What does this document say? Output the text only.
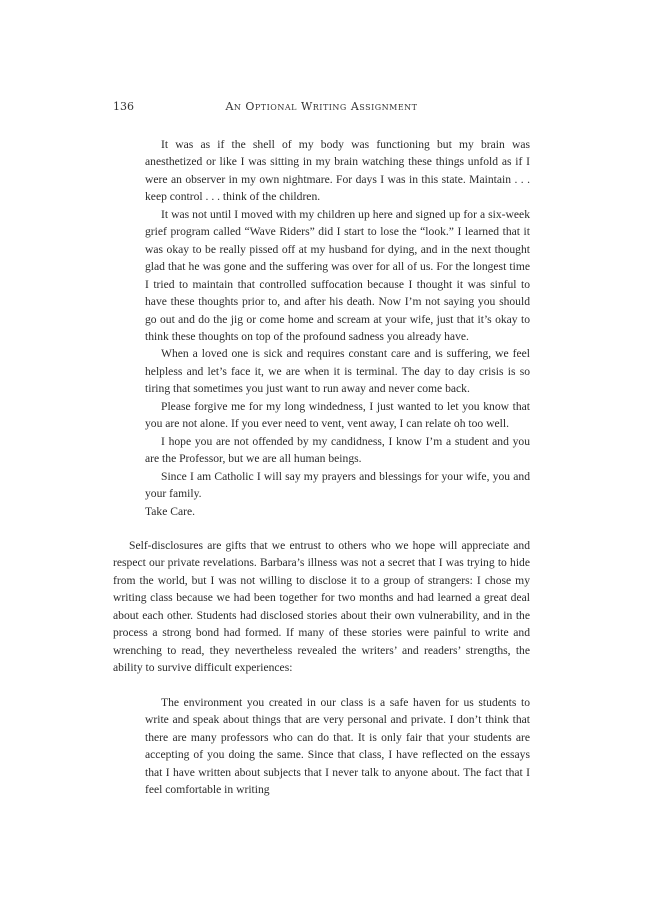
136	An Optional Writing Assignment

It was as if the shell of my body was functioning but my brain was anesthetized or like I was sitting in my brain watching these things unfold as if I were an observer in my own nightmare. For days I was in this state. Maintain . . . keep control . . . think of the children.

It was not until I moved with my children up here and signed up for a six-week grief program called “Wave Riders” did I start to lose the “look.” I learned that it was okay to be really pissed off at my husband for dying, and in the next thought glad that he was gone and the suffering was over for all of us. For the longest time I tried to maintain that controlled suffocation because I thought it was sinful to have these thoughts prior to, and after his death. Now I’m not saying you should go out and do the jig or come home and scream at your wife, just that it’s okay to think these thoughts on top of the profound sadness you already have.

When a loved one is sick and requires constant care and is suffering, we feel helpless and let’s face it, we are when it is terminal. The day to day crisis is so tiring that sometimes you just want to run away and never come back.

Please forgive me for my long windedness, I just wanted to let you know that you are not alone. If you ever need to vent, vent away, I can relate oh too well.

I hope you are not offended by my candidness, I know I’m a student and you are the Professor, but we are all human beings.

Since I am Catholic I will say my prayers and blessings for your wife, you and your family.

Take Care.

Self-disclosures are gifts that we entrust to others who we hope will appreciate and respect our private revelations. Barbara’s illness was not a secret that I was trying to hide from the world, but I was not willing to disclose it to a group of strangers: I chose my writing class because we had been together for two months and had learned a great deal about each other. Students had disclosed stories about their own vulnerability, and in the process a strong bond had formed. If many of these stories were painful to write and wrenching to read, they nevertheless revealed the writers’ and readers’ strengths, the ability to survive difficult experiences:

The environment you created in our class is a safe haven for us students to write and speak about things that are very personal and private. I don’t think that there are many professors who can do that. It is only fair that your students are accepting of you doing the same. Since that class, I have reflected on the essays that I have written about subjects that I never talk to anyone about. The fact that I feel comfortable in writing
